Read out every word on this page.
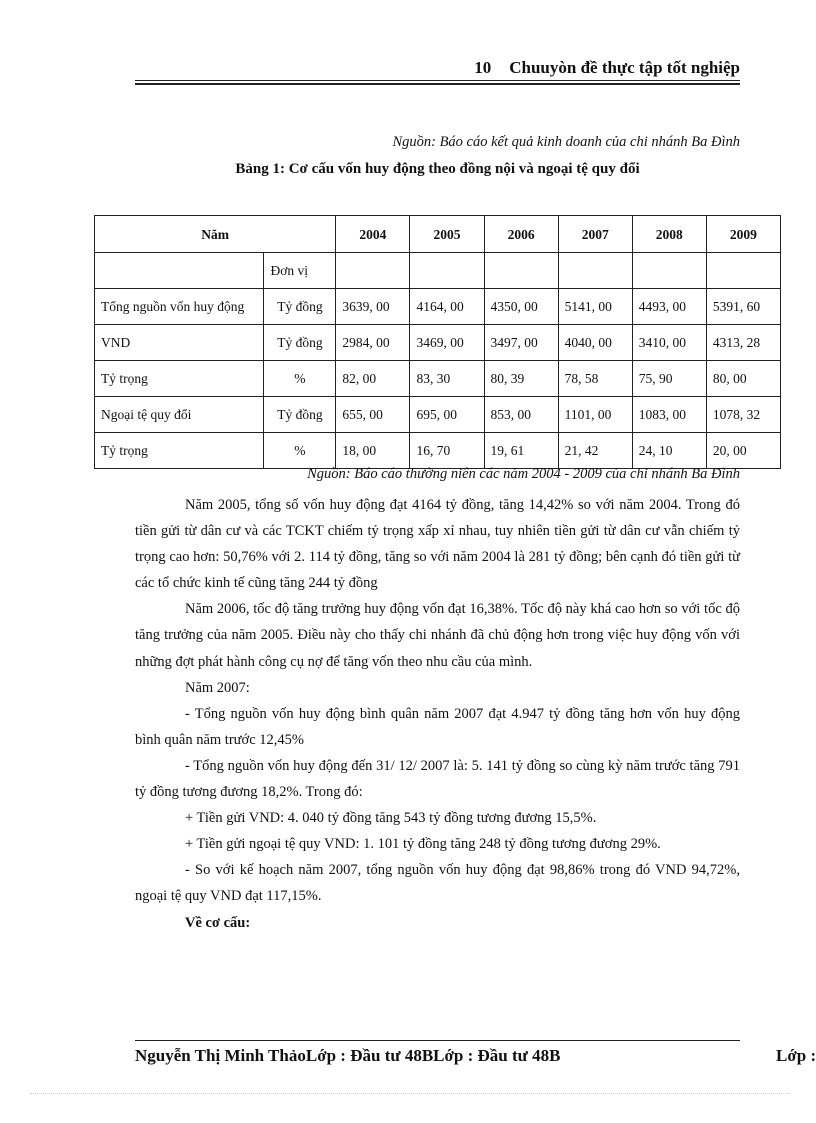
10 Chuuyòn đề thực tập tốt nghiệp
Nguồn: Báo cáo kết quả kinh doanh của chi nhánh Ba Đình
Bảng 1: Cơ cấu vốn huy động theo đồng nội và ngoại tệ quy đổi
Năm		2004	2005	2006	2007	2008	2009
	Đơn vị						
Tổng nguồn vốn huy động	Tỷ đồng	3639, 00	4164, 00	4350, 00	5141, 00	4493, 00	5391, 60
VND	Tỷ đồng	2984, 00	3469, 00	3497, 00	4040, 00	3410, 00	4313, 28
Tỷ trọng	%	82, 00	83, 30	80, 39	78, 58	75, 90	80, 00
Ngoại tệ quy đổi	Tỷ đồng	655, 00	695, 00	853, 00	1101, 00	1083, 00	1078, 32
Tỷ trọng	%	18, 00	16, 70	19, 61	21, 42	24, 10	20, 00
Nguồn: Báo cáo thường niên các năm 2004 - 2009 của chi nhánh Ba Đình

Năm 2005, tổng số vốn huy động đạt 4164 tỷ đồng, tăng 14,42% so với năm 2004. Trong đó tiền gửi từ dân cư và các TCKT chiếm tỷ trọng xấp xỉ nhau, tuy nhiên tiền gửi từ dân cư vẫn chiếm tỷ trọng cao hơn: 50,76% với 2. 114 tỷ đồng, tăng so với năm 2004 là 281 tỷ đồng; bên cạnh đó tiền gửi từ các tổ chức kinh tế cũng tăng 244 tỷ đồng

Năm 2006, tốc độ tăng trưởng huy động vốn đạt 16,38%. Tốc độ này khá cao hơn so với tốc độ tăng trưởng của năm 2005. Điều này cho thấy chi nhánh đã chủ động hơn trong việc huy động vốn với những đợt phát hành công cụ nợ để tăng vốn theo nhu cầu của mình.

Năm 2007:

- Tổng nguồn vốn huy động bình quân năm 2007 đạt 4.947 tỷ đồng tăng hơn vốn huy động bình quân năm trước 12,45%

- Tổng nguồn vốn huy động đến 31/ 12/ 2007 là: 5. 141 tỷ đồng so cùng kỳ năm trước tăng 791 tỷ đồng tương đương 18,2%. Trong đó:

+ Tiền gửi VND: 4. 040 tỷ đồng tăng 543 tỷ đồng tương đương 15,5%.

+ Tiền gửi ngoại tệ quy VND: 1. 101 tỷ đồng tăng 248 tỷ đồng tương đương 29%.

- So với kế hoạch năm 2007, tổng nguồn vốn huy động đạt 98,86% trong đó VND 94,72%, ngoại tệ quy VND đạt 117,15%.

Về cơ cấu:

Nguyễn Thị Minh ThảoLớp : Đầu tư 48BLớp : Đầu tư 48B	Lớp :
